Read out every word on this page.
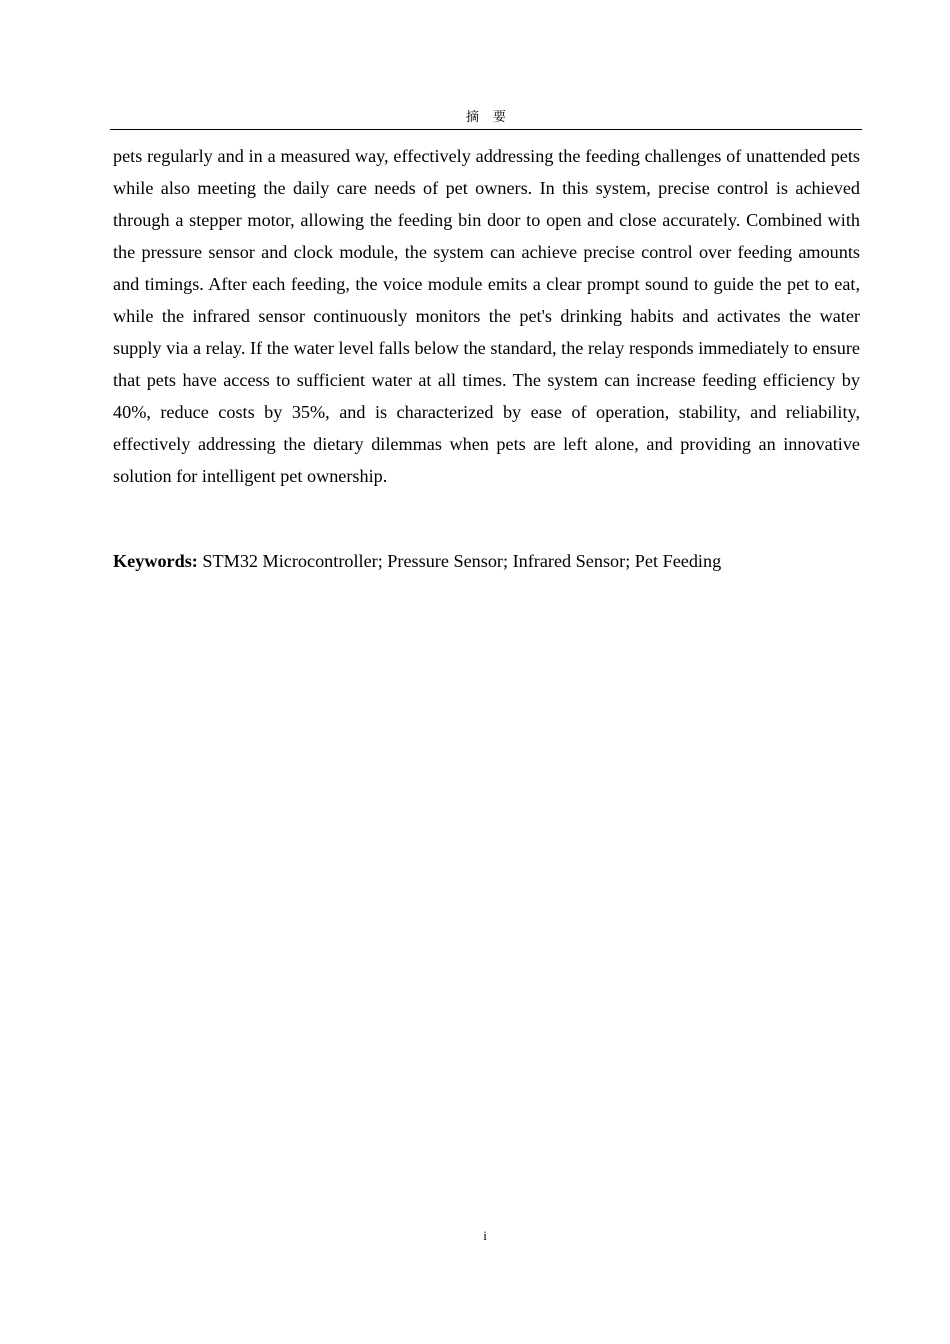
摘要

pets regularly and in a measured way, effectively addressing the feeding challenges of unattended pets while also meeting the daily care needs of pet owners. In this system, precise control is achieved through a stepper motor, allowing the feeding bin door to open and close accurately. Combined with the pressure sensor and clock module, the system can achieve precise control over feeding amounts and timings. After each feeding, the voice module emits a clear prompt sound to guide the pet to eat, while the infrared sensor continuously monitors the pet's drinking habits and activates the water supply via a relay. If the water level falls below the standard, the relay responds immediately to ensure that pets have access to sufficient water at all times. The system can increase feeding efficiency by 40%, reduce costs by 35%, and is characterized by ease of operation, stability, and reliability, effectively addressing the dietary dilemmas when pets are left alone, and providing an innovative solution for intelligent pet ownership.

Keywords: STM32 Microcontroller; Pressure Sensor; Infrared Sensor; Pet Feeding

i
